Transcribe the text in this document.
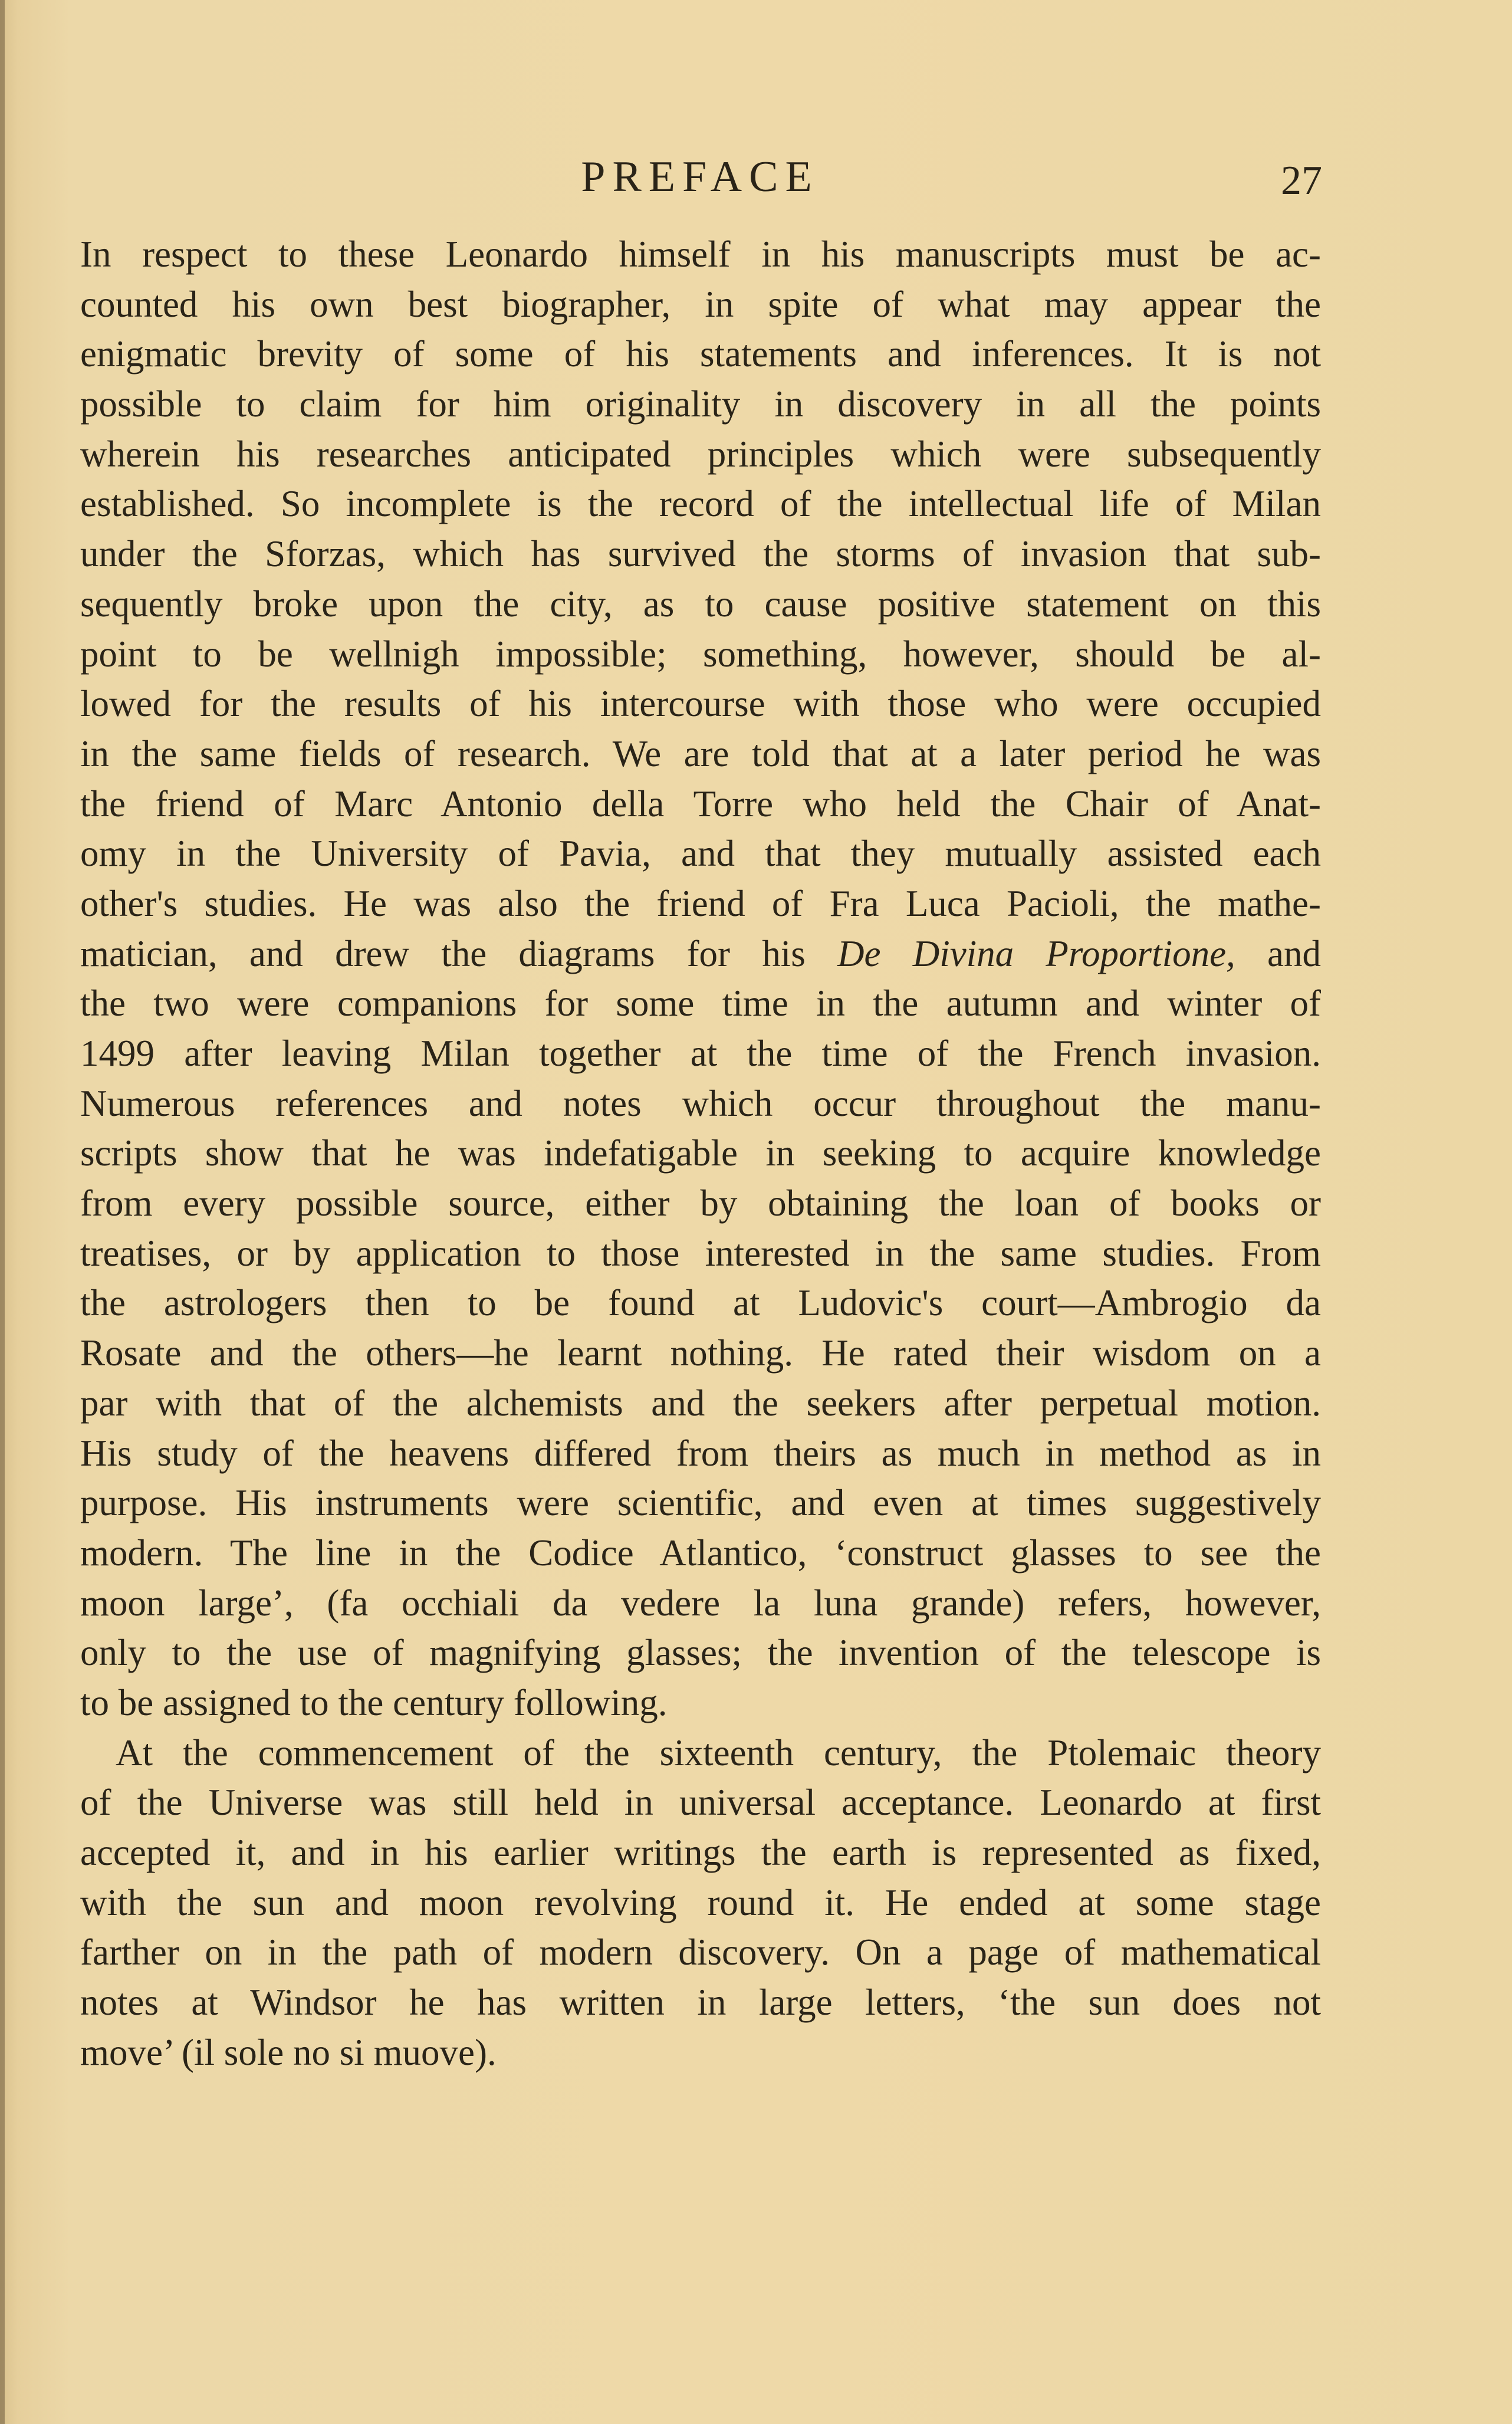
PREFACE	27
In respect to these Leonardo himself in his manuscripts must be ac-
counted his own best biographer, in spite of what may appear the
enigmatic brevity of some of his statements and inferences. It is not
possible to claim for him originality in discovery in all the points
wherein his researches anticipated principles which were subsequently
established. So incomplete is the record of the intellectual life of Milan
under the Sforzas, which has survived the storms of invasion that sub-
sequently broke upon the city, as to cause positive statement on this
point to be wellnigh impossible; something, however, should be al-
lowed for the results of his intercourse with those who were occupied
in the same fields of research. We are told that at a later period he was
the friend of Marc Antonio della Torre who held the Chair of Anat-
omy in the University of Pavia, and that they mutually assisted each
other's studies. He was also the friend of Fra Luca Pacioli, the mathe-
matician, and drew the diagrams for his De Divina Proportione, and
the two were companions for some time in the autumn and winter of
1499 after leaving Milan together at the time of the French invasion.
Numerous references and notes which occur throughout the manu-
scripts show that he was indefatigable in seeking to acquire knowledge
from every possible source, either by obtaining the loan of books or
treatises, or by application to those interested in the same studies. From
the astrologers then to be found at Ludovic's court—Ambrogio da
Rosate and the others—he learnt nothing. He rated their wisdom on a
par with that of the alchemists and the seekers after perpetual motion.
His study of the heavens differed from theirs as much in method as in
purpose. His instruments were scientific, and even at times suggestively
modern. The line in the Codice Atlantico, ‘construct glasses to see the
moon large’, (fa occhiali da vedere la luna grande) refers, however,
only to the use of magnifying glasses; the invention of the telescope is
to be assigned to the century following.
At the commencement of the sixteenth century, the Ptolemaic theory
of the Universe was still held in universal acceptance. Leonardo at first
accepted it, and in his earlier writings the earth is represented as fixed,
with the sun and moon revolving round it. He ended at some stage
farther on in the path of modern discovery. On a page of mathematical
notes at Windsor he has written in large letters, ‘the sun does not
move’ (il sole no si muove).
